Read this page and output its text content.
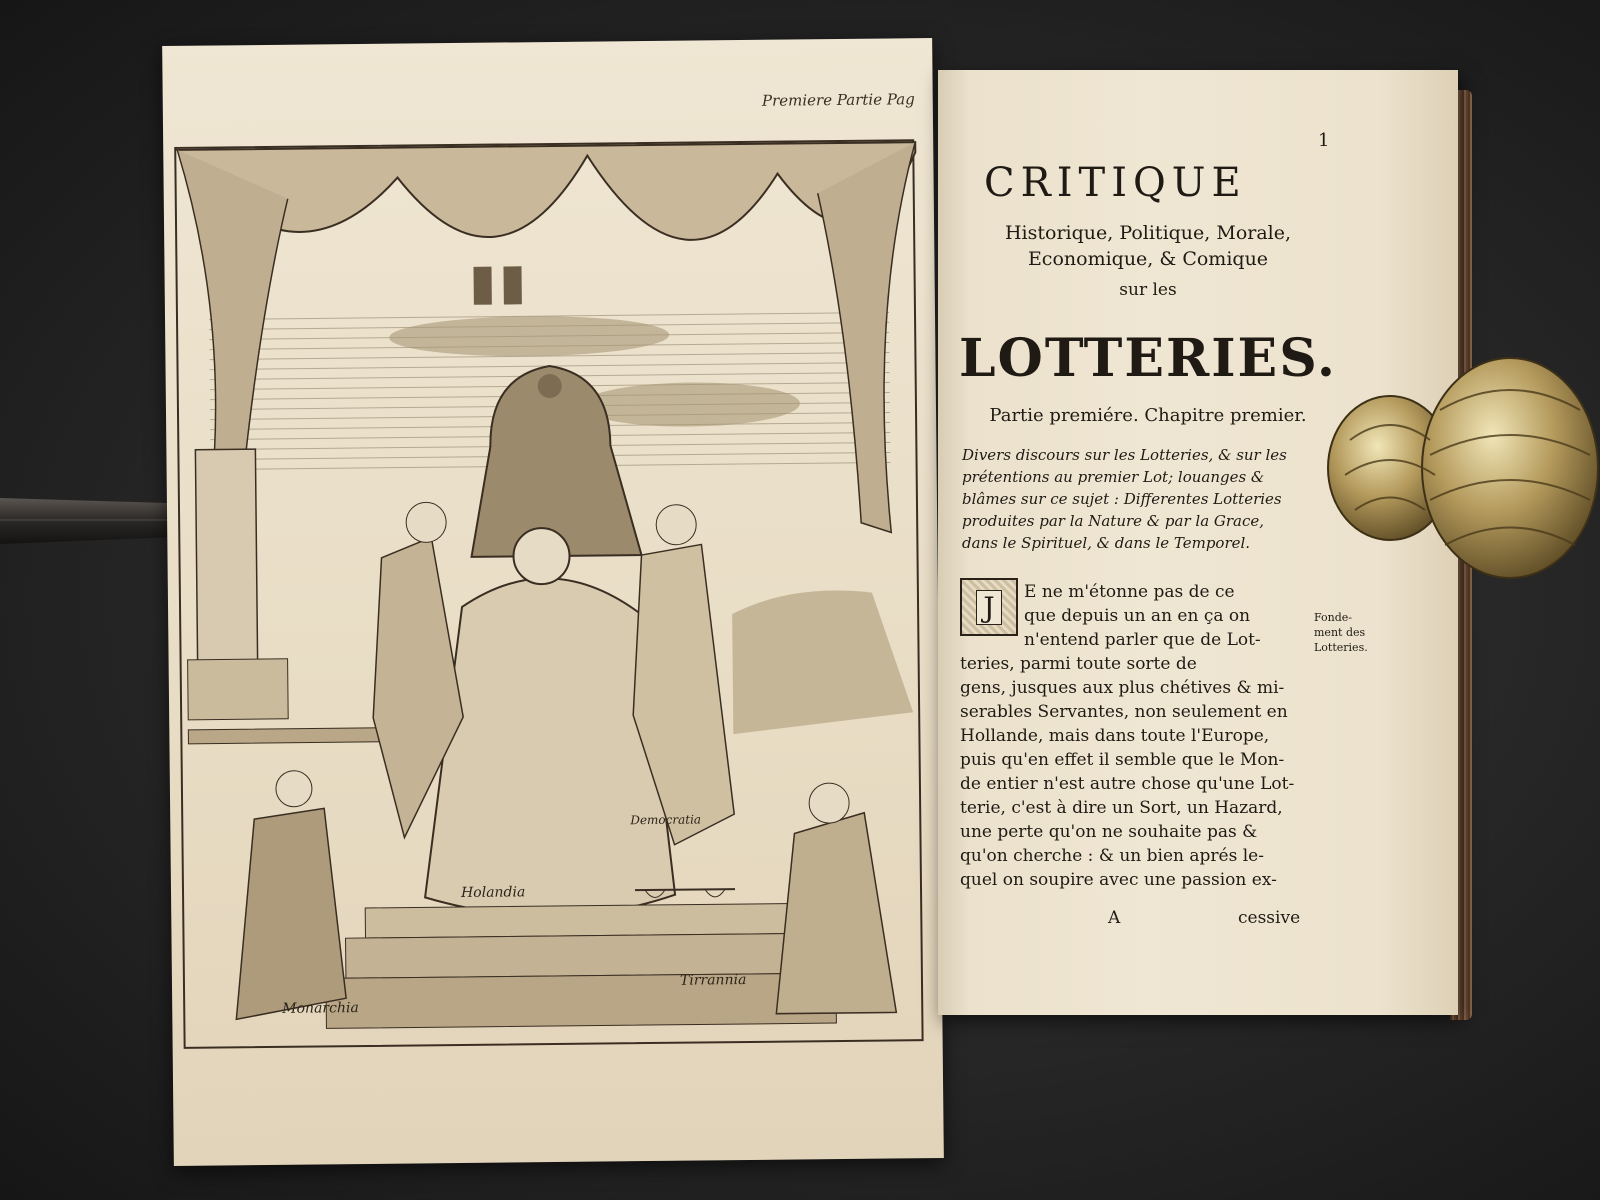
Premiere Partie Pag
Holandia
Monarchia
Tirrannia
Democratia
1
CRITIQUE
Historique, Politique, Morale,
Economique, & Comique
sur les
LOTTERIES.
Partie premiére. Chapitre premier.
Divers discours sur les Lotteries, & sur les
prétentions au premier Lot; louanges &
blâmes sur ce sujet : Differentes Lotteries
produites par la Nature & par la Grace,
dans le Spirituel, & dans le Temporel.
J	E ne m'étonne pas de ce
que depuis un an en ça on
n'entend parler que de Lot-
teries, parmi toute sorte de
gens, jusques aux plus chétives & mi-
serables Servantes, non seulement en
Hollande, mais dans toute l'Europe,
puis qu'en effet il semble que le Mon-
de entier n'est autre chose qu'une Lot-
terie, c'est à dire un Sort, un Hazard,
une perte qu'on ne souhaite pas &
qu'on cherche : & un bien aprés le-
quel on soupire avec une passion ex-
Fonde-
ment des
Lotteries.
A	cessive
